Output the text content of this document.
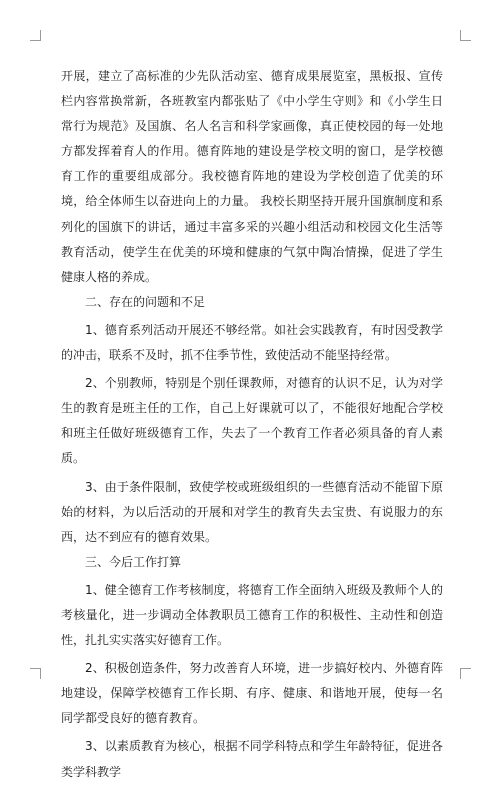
开展，建立了高标准的少先队活动室、德育成果展览室，黑板报、宣传栏内容常换常新，各班教室内都张贴了《中小学生守则》和《小学生日常行为规范》及国旗、名人名言和科学家画像，真正使校园的每一处地方都发挥着育人的作用。德育阵地的建设是学校文明的窗口，是学校德育工作的重要组成部分。我校德育阵地的建设为学校创造了优美的环境，给全体师生以奋进向上的力量。 我校长期坚持开展升国旗制度和系列化的国旗下的讲话，通过丰富多采的兴趣小组活动和校园文化生活等教育活动，使学生在优美的环境和健康的气氛中陶冶情操，促进了学生健康人格的养成。

二、存在的问题和不足

1、德育系列活动开展还不够经常。如社会实践教育，有时因受教学的冲击，联系不及时，抓不住季节性，致使活动不能坚持经常。

2、个别教师，特别是个别任课教师，对德育的认识不足，认为对学生的教育是班主任的工作，自己上好课就可以了，不能很好地配合学校和班主任做好班级德育工作，失去了一个教育工作者必须具备的育人素质。

3、由于条件限制，致使学校或班级组织的一些德育活动不能留下原始的材料，为以后活动的开展和对学生的教育失去宝贵、有说服力的东西，达不到应有的德育效果。

三、今后工作打算

1、健全德育工作考核制度，将德育工作全面纳入班级及教师个人的考核量化，进一步调动全体教职员工德育工作的积极性、主动性和创造性，扎扎实实落实好德育工作。

2、积极创造条件，努力改善育人环境，进一步搞好校内、外德育阵地建设，保障学校德育工作长期、有序、健康、和谐地开展，使每一名同学都受良好的德育教育。

3、以素质教育为核心，根据不同学科特点和学生年龄特征，促进各类学科教学
